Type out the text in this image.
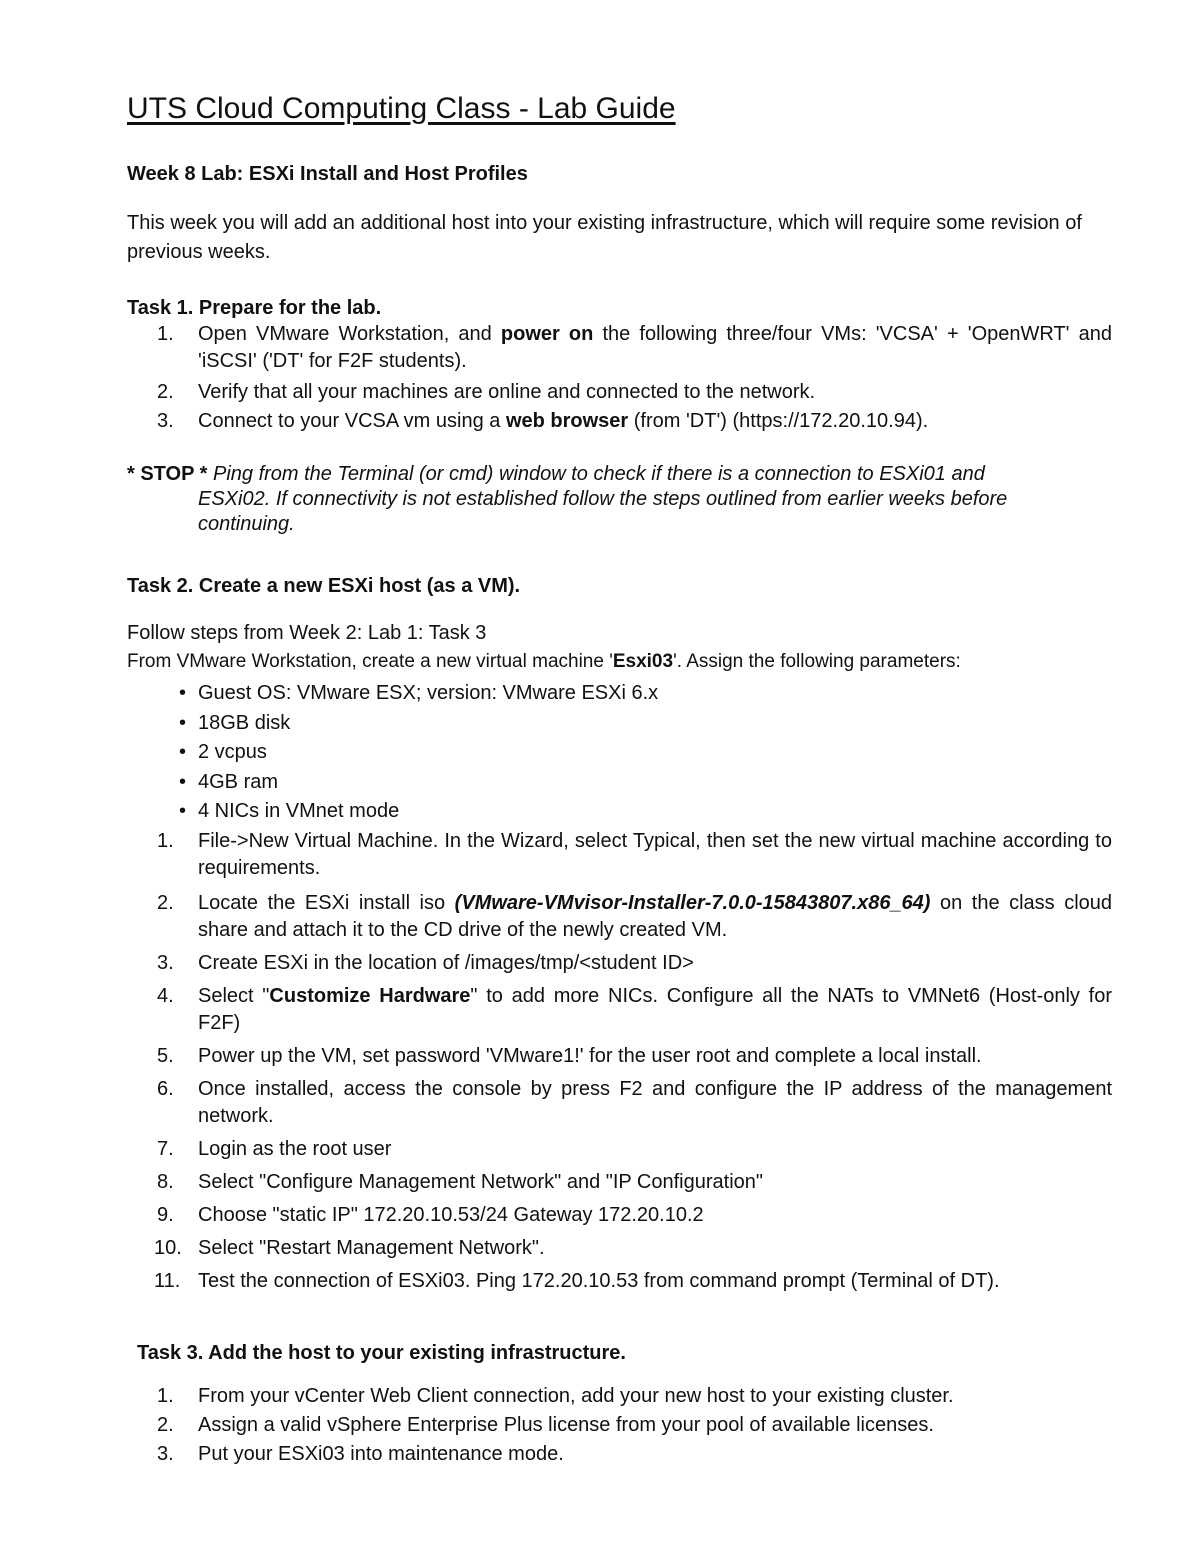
UTS Cloud Computing Class - Lab Guide
Week 8 Lab: ESXi Install and Host Profiles
This week you will add an additional host into your existing infrastructure, which will require some revision of previous weeks.
Task 1. Prepare for the lab.
1.	Open VMware Workstation, and power on the following three/four VMs: 'VCSA' + 'OpenWRT' and 'iSCSI' ('DT' for F2F students).
2.	Verify that all your machines are online and connected to the network.
3.	Connect to your VCSA vm using a web browser (from 'DT') (https://172.20.10.94).
* STOP * Ping from the Terminal (or cmd) window to check if there is a connection to ESXi01 and
ESXi02. If connectivity is not established follow the steps outlined from earlier weeks before
continuing.
Task 2. Create a new ESXi host (as a VM).
Follow steps from Week 2: Lab 1: Task 3
From VMware Workstation, create a new virtual machine 'Esxi03'. Assign the following parameters:
• Guest OS: VMware ESX; version: VMware ESXi 6.x
• 18GB disk
• 2 vcpus
• 4GB ram
• 4 NICs in VMnet mode
1.	File->New Virtual Machine. In the Wizard, select Typical, then set the new virtual machine according to requirements.
2.	Locate the ESXi install iso (VMware-VMvisor-Installer-7.0.0-15843807.x86_64) on the class cloud share and attach it to the CD drive of the newly created VM.
3.	Create ESXi in the location of /images/tmp/<student ID>
4.	Select "Customize Hardware" to add more NICs. Configure all the NATs to VMNet6 (Host-only for F2F)
5.	Power up the VM, set password 'VMware1!' for the user root and complete a local install.
6.	Once installed, access the console by press F2 and configure the IP address of the management network.
7.	Login as the root user
8.	Select "Configure Management Network" and "IP Configuration"
9.	Choose "static IP" 172.20.10.53/24 Gateway 172.20.10.2
10. Select "Restart Management Network".
11. Test the connection of ESXi03. Ping 172.20.10.53 from command prompt (Terminal of DT).
Task 3. Add the host to your existing infrastructure.
1.	From your vCenter Web Client connection, add your new host to your existing cluster.
2.	Assign a valid vSphere Enterprise Plus license from your pool of available licenses.
3.	Put your ESXi03 into maintenance mode.
